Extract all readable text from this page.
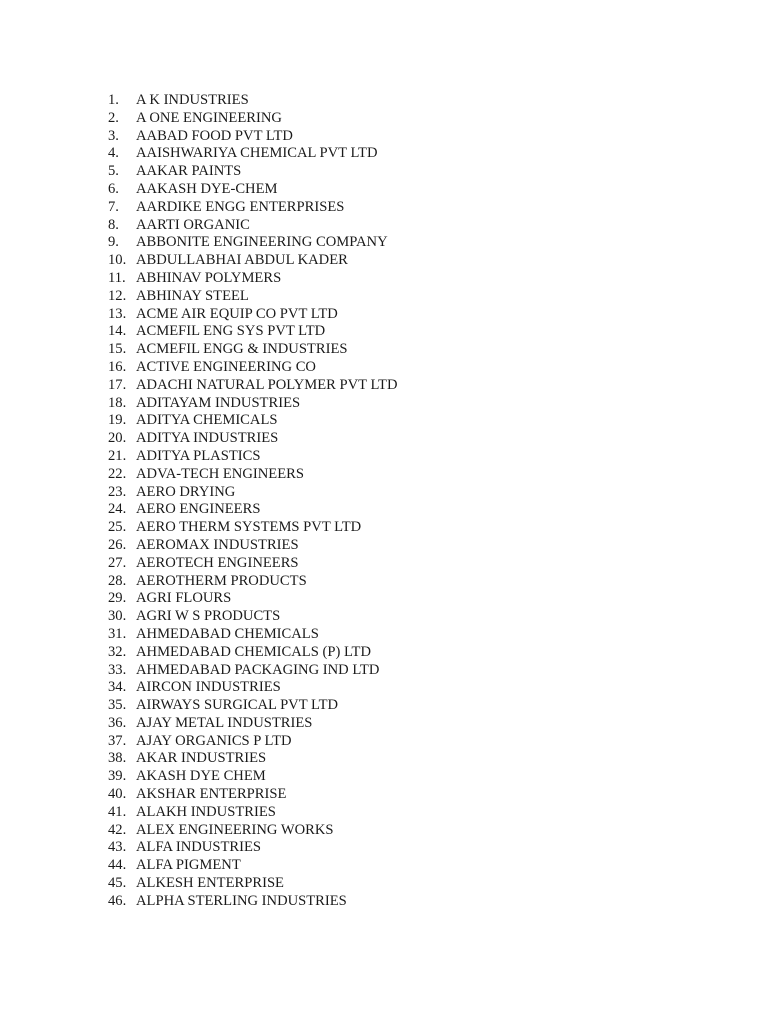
1.	A K INDUSTRIES
2.	A ONE ENGINEERING
3.	AABAD FOOD PVT LTD
4.	AAISHWARIYA CHEMICAL PVT LTD
5.	AAKAR PAINTS
6.	AAKASH DYE-CHEM
7.	AARDIKE ENGG ENTERPRISES
8.	AARTI ORGANIC
9.	ABBONITE ENGINEERING COMPANY
10. ABDULLABHAI ABDUL KADER
11. ABHINAV POLYMERS
12. ABHINAY STEEL
13. ACME AIR EQUIP CO PVT LTD
14. ACMEFIL ENG SYS PVT LTD
15. ACMEFIL ENGG & INDUSTRIES
16. ACTIVE ENGINEERING CO
17. ADACHI NATURAL POLYMER PVT LTD
18. ADITAYAM INDUSTRIES
19. ADITYA CHEMICALS
20. ADITYA INDUSTRIES
21. ADITYA PLASTICS
22. ADVA-TECH ENGINEERS
23. AERO DRYING
24. AERO ENGINEERS
25. AERO THERM SYSTEMS PVT LTD
26. AEROMAX INDUSTRIES
27. AEROTECH ENGINEERS
28. AEROTHERM PRODUCTS
29. AGRI FLOURS
30. AGRI W S PRODUCTS
31. AHMEDABAD CHEMICALS
32. AHMEDABAD CHEMICALS (P) LTD
33. AHMEDABAD PACKAGING IND LTD
34. AIRCON INDUSTRIES
35. AIRWAYS SURGICAL PVT LTD
36. AJAY METAL INDUSTRIES
37. AJAY ORGANICS P LTD
38. AKAR INDUSTRIES
39. AKASH DYE CHEM
40. AKSHAR ENTERPRISE
41. ALAKH INDUSTRIES
42. ALEX ENGINEERING WORKS
43. ALFA INDUSTRIES
44. ALFA PIGMENT
45. ALKESH ENTERPRISE
46. ALPHA STERLING INDUSTRIES
